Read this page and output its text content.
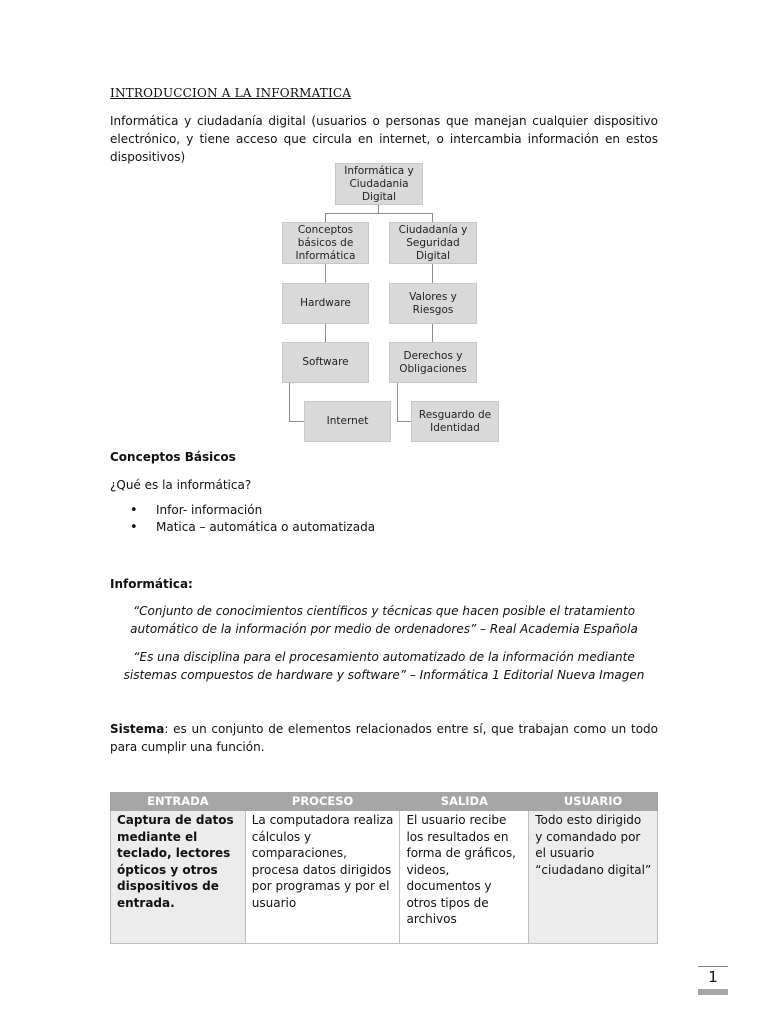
INTRODUCCION A LA INFORMATICA
Informática y ciudadanía digital (usuarios o personas que manejan cualquier dispositivo electrónico, y tiene acceso que circula en internet, o intercambia información en estos dispositivos)
Informática y Ciudadania Digital
Conceptos básicos de Informática
Hardware
Software
Internet
Ciudadanía y Seguridad Digital
Valores y Riesgos
Derechos y Obligaciones
Resguardo de Identidad
Conceptos Básicos
¿Qué es la informática?
• Infor- información
• Matica – automática o automatizada
Informática:
“Conjunto de conocimientos científicos y técnicas que hacen posible el tratamiento automático de la información por medio de ordenadores” – Real Academia Española
“Es una disciplina para el procesamiento automatizado de la información mediante sistemas compuestos de hardware y software” – Informática 1 Editorial Nueva Imagen
Sistema: es un conjunto de elementos relacionados entre sí, que trabajan como un todo para cumplir una función.
ENTRADA	PROCESO	SALIDA	USUARIO
Captura de datos mediante el teclado, lectores ópticos y otros dispositivos de entrada.	La computadora realiza cálculos y comparaciones, procesa datos dirigidos por programas y por el usuario	El usuario recibe los resultados en forma de gráficos, videos, documentos y otros tipos de archivos	Todo esto dirigido y comandado por el usuario “ciudadano digital”
1
